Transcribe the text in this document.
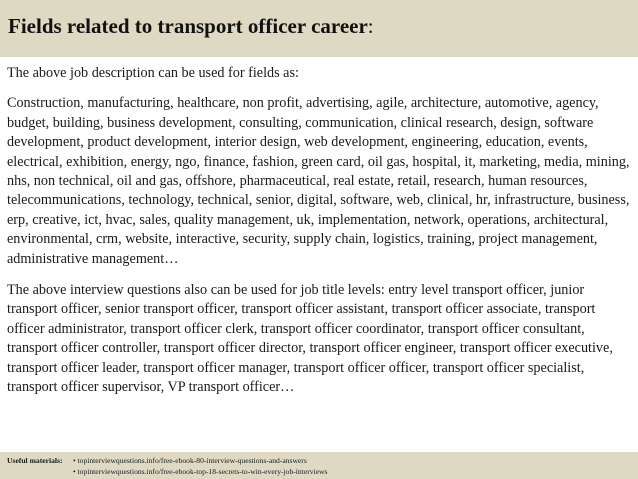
Fields related to transport officer career:

The above job description can be used for fields as:

Construction, manufacturing, healthcare, non profit, advertising, agile, architecture, automotive, agency, budget, building, business development, consulting, communication, clinical research, design, software development, product development, interior design, web development, engineering, education, events, electrical, exhibition, energy, ngo, finance, fashion, green card, oil gas, hospital, it, marketing, media, mining, nhs, non technical, oil and gas, offshore, pharmaceutical, real estate, retail, research, human resources, telecommunications, technology, technical, senior, digital, software, web, clinical, hr, infrastructure, business, erp, creative, ict, hvac, sales, quality management, uk, implementation, network, operations, architectural, environmental, crm, website, interactive, security, supply chain, logistics, training, project management, administrative management…

The above interview questions also can be used for job title levels: entry level transport officer, junior transport officer, senior transport officer, transport officer assistant, transport officer associate, transport officer administrator, transport officer clerk, transport officer coordinator, transport officer consultant, transport officer controller, transport officer director, transport officer engineer, transport officer executive, transport officer leader, transport officer manager, transport officer officer, transport officer specialist, transport officer supervisor, VP transport officer…

Useful materials:	• topinterviewquestions.info/free-ebook-80-interview-questions-and-answers
• topinterviewquestions.info/free-ebook-top-18-secrets-to-win-every-job-interviews
